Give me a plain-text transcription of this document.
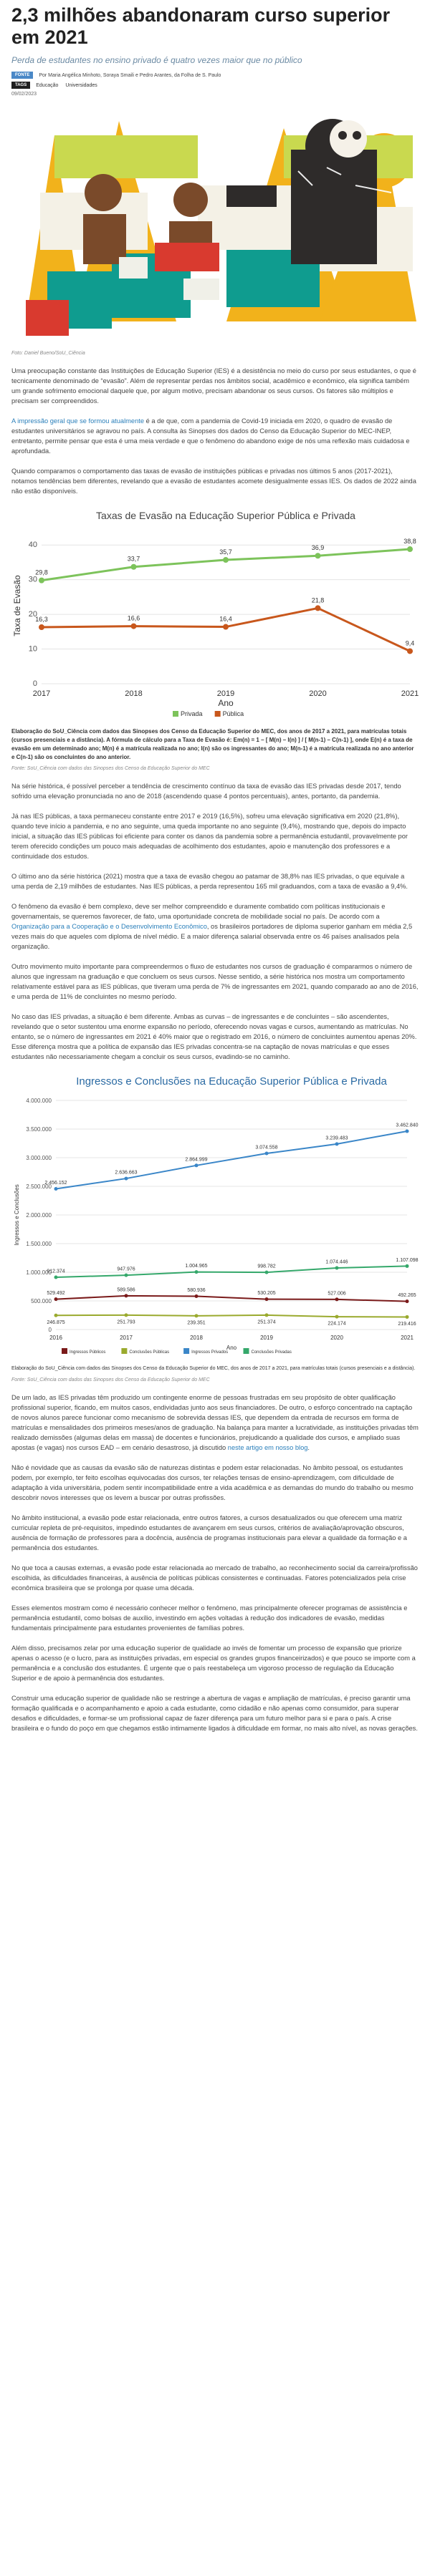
2,3 milhões abandonaram curso superior em 2021
Perda de estudantes no ensino privado é quatro vezes maior que no público
FONTE	Por Maria Angélica Minhoto, Soraya Smaili e Pedro Arantes, da Folha de S. Paulo
TAGS	Educação Universidades
09/02/2023
Foto: Daniel Bueno/SoU_Ciência

Uma preocupação constante das Instituições de Educação Superior (IES) é a desistência no meio do curso por seus estudantes, o que é tecnicamente denominado de “evasão”. Além de representar perdas nos âmbitos social, acadêmico e econômico, ela significa também um grande sofrimento emocional daquele que, por algum motivo, precisam abandonar os seus cursos. Os fatores são múltiplos e precisam ser compreendidos.

A impressão geral que se formou atualmente é a de que, com a pandemia de Covid-19 iniciada em 2020, o quadro de evasão de estudantes universitários se agravou no país. A consulta às Sinopses dos dados do Censo da Educação Superior do MEC-INEP, entretanto, permite pensar que esta é uma meia verdade e que o fenômeno do abandono exige de nós uma reflexão mais cuidadosa e aprofundada.

Quando comparamos o comportamento das taxas de evasão de instituições públicas e privadas nos últimos 5 anos (2017-2021), notamos tendências bem diferentes, revelando que a evasão de estudantes acomete desigualmente essas IES. Os dados de 2022 ainda não estão disponíveis.

Taxas de Evasão na Educação Superior Pública e Privada
0
10
20
30
40
2017	2018	2019	2020	2021
Ano
Taxa de Evasão
29,8
33,7
35,7
36,9
38,8
16,3	16,6	16,4
21,8
9,4
Privada	Pública
Elaboração do SoU_Ciência com dados das Sinopses dos Censo da Educação Superior do MEC, dos anos de 2017 a 2021, para matrículas totais (cursos presenciais e a distância). A fórmula de cálculo para a Taxa de Evasão é: Em(n) = 1 – [ M(n) – I(n) ] / [ M(n-1) – C(n-1) ], onde E(n) é a taxa de evasão em um determinado ano; M(n) é a matrícula realizada no ano; I(n) são os ingressantes do ano; M(n-1) é a matrícula realizada no ano anterior e C(n-1) são os concluintes do ano anterior.
Fonte: SoU_Ciência com dados das Sinopses dos Censo da Educação Superior do MEC

Na série histórica, é possível perceber a tendência de crescimento contínuo da taxa de evasão das IES privadas desde 2017, tendo sofrido uma elevação pronunciada no ano de 2018 (ascendendo quase 4 pontos percentuais), antes, portanto, da pandemia.

Já nas IES públicas, a taxa permaneceu constante entre 2017 e 2019 (16,5%), sofreu uma elevação significativa em 2020 (21,8%), quando teve início a pandemia, e no ano seguinte, uma queda importante no ano seguinte (9,4%), mostrando que, depois do impacto inicial, a situação das IES públicas foi eficiente para conter os danos da pandemia sobre a permanência estudantil, provavelmente por terem oferecido condições um pouco mais adequadas de acolhimento dos estudantes, apoio e manutenção dos professores e a continuidade dos estudos.

O último ano da série histórica (2021) mostra que a taxa de evasão chegou ao patamar de 38,8% nas IES privadas, o que equivale a uma perda de 2,19 milhões de estudantes. Nas IES públicas, a perda representou 165 mil graduandos, com a taxa de evasão a 9,4%.

O fenômeno da evasão é bem complexo, deve ser melhor compreendido e duramente combatido com políticas institucionais e governamentais, se queremos favorecer, de fato, uma oportunidade concreta de mobilidade social no país. De acordo com a Organização para a Cooperação e o Desenvolvimento Econômico, os brasileiros portadores de diploma superior ganham em média 2,5 vezes mais do que aqueles com diploma de nível médio. E a maior diferença salarial observada entre os 46 países analisados pela organização.

Outro movimento muito importante para compreendermos o fluxo de estudantes nos cursos de graduação é compararmos o número de alunos que ingressam na graduação e que concluem os seus cursos. Nesse sentido, a série histórica nos mostra um comportamento relativamente estável para as IES públicas, que tiveram uma perda de 7% de ingressantes em 2021, quando comparado ao ano de 2016, e uma perda de 11% de concluintes no mesmo período.

No caso das IES privadas, a situação é bem diferente. Ambas as curvas – de ingressantes e de concluintes – são ascendentes, revelando que o setor sustentou uma enorme expansão no período, oferecendo novas vagas e cursos, aumentando as matrículas. No entanto, se o número de ingressantes em 2021 é 40% maior que o registrado em 2016, o número de concluintes aumentou apenas 20%. Esse diferença mostra que a política de expansão das IES privadas concentra-se na captação de novas matrículas e que esses estudantes não necessariamente chegam a concluir os seus cursos, evadindo-se no caminho.

Ingressos e Conclusões na Educação Superior Pública e Privada
0
500.000
1.000.000
1.500.000
2.000.000
2.500.000
3.000.000
3.500.000
4.000.000
2016	2017	2018	2019	2020	2021
Ano
Ingressos e Conclusões
529.492
589.586	580.936
530.205	527.006	492.265
246.875	251.793	239.351	251.374	224.174	219.416
2.456.152
2.636.663
2.864.999
3.074.558
3.239.483
3.462.840
912.374	947.976
1.004.965	998.782
1.074.446	1.107.098
Ingressos Públicos	Conclusões Públicas	Ingressos Privados	Conclusões Privadas
Elaboração do SoU_Ciência com dados das Sinopses dos Censo da Educação Superior do MEC, dos anos de 2017 a 2021, para matrículas totais (cursos presenciais e a distância).
Fonte: SoU_Ciência com dados das Sinopses dos Censo da Educação Superior do MEC

De um lado, as IES privadas têm produzido um contingente enorme de pessoas frustradas em seu propósito de obter qualificação profissional superior, ficando, em muitos casos, endividadas junto aos seus financiadores. De outro, o esforço concentrado na captação de novos alunos parece funcionar como mecanismo de sobrevida dessas IES, que dependem da entrada de recursos em forma de matrículas e mensalidades dos primeiros meses/anos de graduação. Na balança para manter a lucratividade, as instituições privadas têm realizado demissões (algumas delas em massa) de docentes e funcionários, prejudicando a qualidade dos cursos, e ampliado suas apostas (e vagas) nos cursos EAD – em cenário desastroso, já discutido neste artigo em nosso blog.

Não é novidade que as causas da evasão são de naturezas distintas e podem estar relacionadas. No âmbito pessoal, os estudantes podem, por exemplo, ter feito escolhas equivocadas dos cursos, ter relações tensas de ensino-aprendizagem, com dificuldade de adaptação à vida universitária, podem sentir incompatibilidade entre a vida acadêmica e as demandas do mundo do trabalho ou mesmo descobrir novos interesses que os levem a buscar por outras profissões.

No âmbito institucional, a evasão pode estar relacionada, entre outros fatores, a cursos desatualizados ou que oferecem uma matriz curricular repleta de pré-requisitos, impedindo estudantes de avançarem em seus cursos, critérios de avaliação/aprovação obscuros, ausência de formação de professores para a docência, ausência de programas institucionais para elevar a qualidade da formação e a permanência dos estudantes.

No que toca a causas externas, a evasão pode estar relacionada ao mercado de trabalho, ao reconhecimento social da carreira/profissão escolhida, às dificuldades financeiras, à ausência de políticas públicas consistentes e continuadas. Fatores potencializados pela crise econômica brasileira que se prolonga por quase uma década.

Esses elementos mostram como é necessário conhecer melhor o fenômeno, mas principalmente oferecer programas de assistência e permanência estudantil, como bolsas de auxílio, investindo em ações voltadas à redução dos indicadores de evasão, medidas fundamentais principalmente para estudantes provenientes de famílias pobres.

Além disso, precisamos zelar por uma educação superior de qualidade ao invés de fomentar um processo de expansão que priorize apenas o acesso (e o lucro, para as instituições privadas, em especial os grandes grupos financeirizados) e que pouco se importe com a permanência e a conclusão dos estudantes. É urgente que o país reestabeleça um vigoroso processo de regulação da Educação Superior e de apoio à permanência dos estudantes.

Construir uma educação superior de qualidade não se restringe a abertura de vagas e ampliação de matrículas, é preciso garantir uma formação qualificada e o acompanhamento e apoio a cada estudante, como cidadão e não apenas como consumidor, para superar desafios e dificuldades, e formar-se um profissional capaz de fazer diferença para um futuro melhor para si e para o país. A crise brasileira e o fundo do poço em que chegamos estão intimamente ligados à dificuldade em formar, no mais alto nível, as novas gerações.
